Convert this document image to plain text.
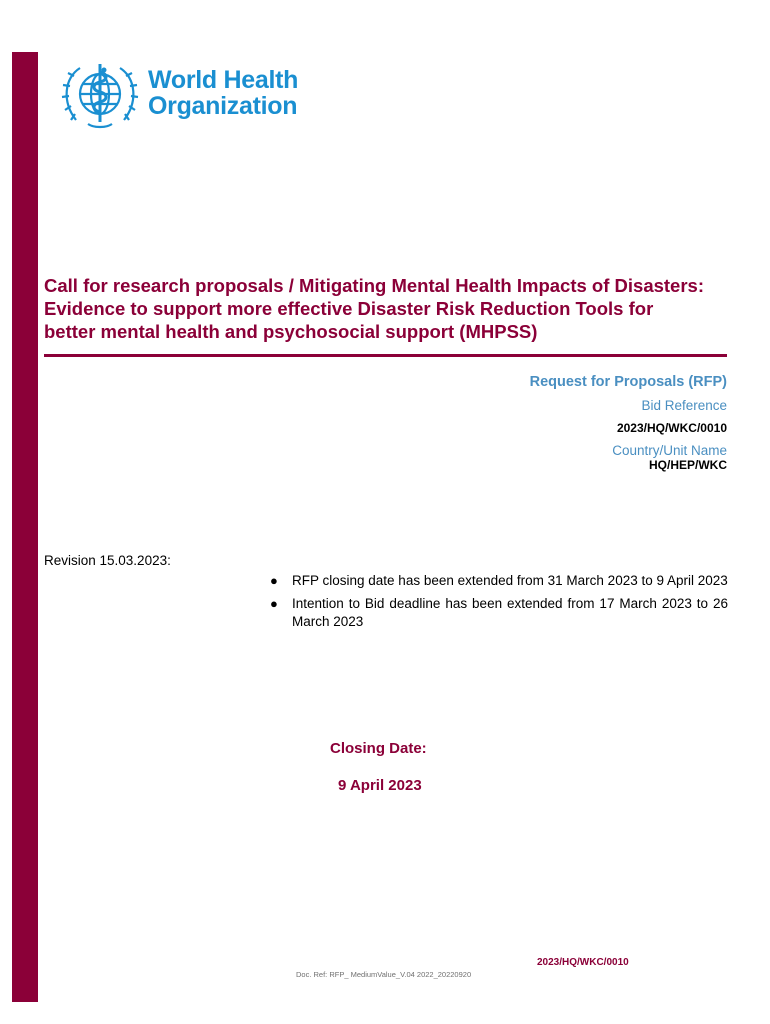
World Health
Organization
Call for research proposals / Mitigating Mental Health Impacts of Disasters:
Evidence to support more effective Disaster Risk Reduction Tools for
better mental health and psychosocial support (MHPSS)
Request for Proposals (RFP)
Bid Reference
2023/HQ/WKC/0010
Country/Unit Name
HQ/HEP/WKC
Revision 15.03.2023:
● RFP closing date has been extended from 31 March 2023 to 9 April 2023
● Intention to Bid deadline has been extended from 17 March 2023 to 26 March 2023
Closing Date:
9 April 2023
2023/HQ/WKC/0010
Doc. Ref: RFP_ MediumValue_V.04 2022_20220920
